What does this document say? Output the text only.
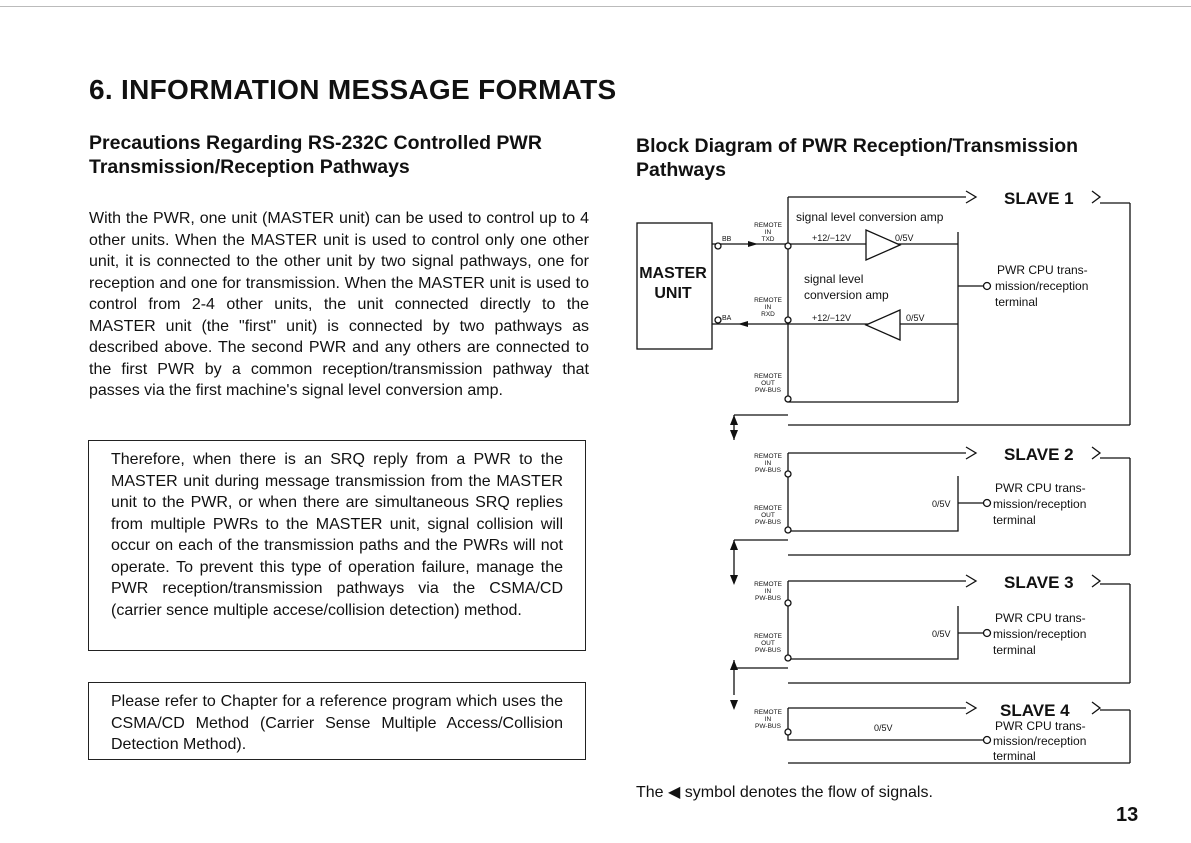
6. INFORMATION MESSAGE FORMATS
Precautions Regarding RS-232C Controlled PWR
Transmission/Reception Pathways
With the PWR, one unit (MASTER unit) can be used to control up to 4 other units. When the MASTER unit is used to control only one other unit, it is connected to the other unit by two signal pathways, one for reception and one for transmission. When the MASTER unit is used to control from 2-4 other units, the unit connected directly to the MASTER unit (the "first" unit) is connected by two pathways as described above. The second PWR and any others are connected to the first PWR by a common reception/transmission pathway that passes via the first machine's signal level conversion amp.
Therefore, when there is an SRQ reply from a PWR to the MASTER unit during message transmission from the MASTER unit to the PWR, or when there are simultaneous SRQ replies from multiple PWRs to the MASTER unit, signal collision will occur on each of the transmission paths and the PWRs will not operate. To prevent this type of operation failure, manage the PWR reception/transmission pathways via the CSMA/CD (carrier sence multiple accese/collision detection) method.
Please refer to Chapter for a reference program which uses the CSMA/CD Method (Carrier Sense Multiple Access/Collision Detection Method).
Block Diagram of PWR Reception/Transmission
Pathways
MASTER
UNIT
BB
BA
REMOTE
IN
TXD
REMOTE
IN
RXD
REMOTE
OUT
PW-BUS
signal level conversion amp
+12/−12V	0/5V
signal level
conversion amp
+12/−12V	0/5V
SLAVE 1
SLAVE 2
SLAVE 3
SLAVE 4
PWR CPU trans-
mission/reception
terminal
PWR CPU trans-
mission/reception
terminal
PWR CPU trans-
mission/reception
terminal
PWR CPU trans-
mission/reception
terminal
REMOTE
IN
PW-BUS
REMOTE
OUT
PW-BUS
0/5V
REMOTE
IN
PW-BUS
REMOTE
OUT
PW-BUS
0/5V
REMOTE
IN
PW-BUS	0/5V
The ◀ symbol denotes the flow of signals.
13
